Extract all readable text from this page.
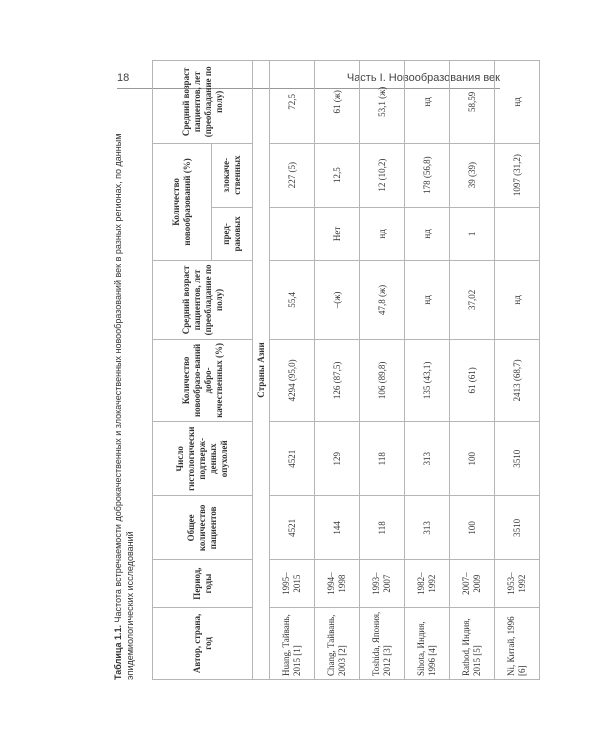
18	Часть I. Новообразования век
Таблица 1.1. Частота встречаемости доброкачественных и злокачественных новообразований век в разных регионах, по данным эпидемиологических исследований	Автор, страна, год	Период, годы	Общее количество пациентов	Число гистологически подтверж-денных опухолей	Количество новообразо-ваний добро-качественных (%)	Средний возраст пациентов, лет (преобладание по полу)	Количество новообразований (%)		Средний возраст пациентов, лет (преобладание по полу)
						пред-раковых	злокаче-ственных	
Страны Азии								
Huang, Тайвань, 2015 [1]	1995–2015	4521	4521	4294 (95,0)	55,4		227 (5)	72,5
Chang, Тайвань, 2003 [2]	1994–1998	144	129	126 (87,5)	–(ж)	Нет	12,5	61 (ж)
Toshida, Япония, 2012 [3]	1993–2007	118	118	106 (89,8)	47,8 (ж)	нд	12 (10,2)	53,1 (ж)
Sihota, Индия, 1996 [4]	1982–1992	313	313	135 (43,1)	нд	нд	178 (56,8)	нд
Rathod, Индия, 2015 [5]	2007–2009	100	100	61 (61)	37,02	1	39 (39)	58,59
Ni, Китай, 1996 [6]	1953–1992	3510	3510	2413 (68,7)	нд		1097 (31,2)	нд
